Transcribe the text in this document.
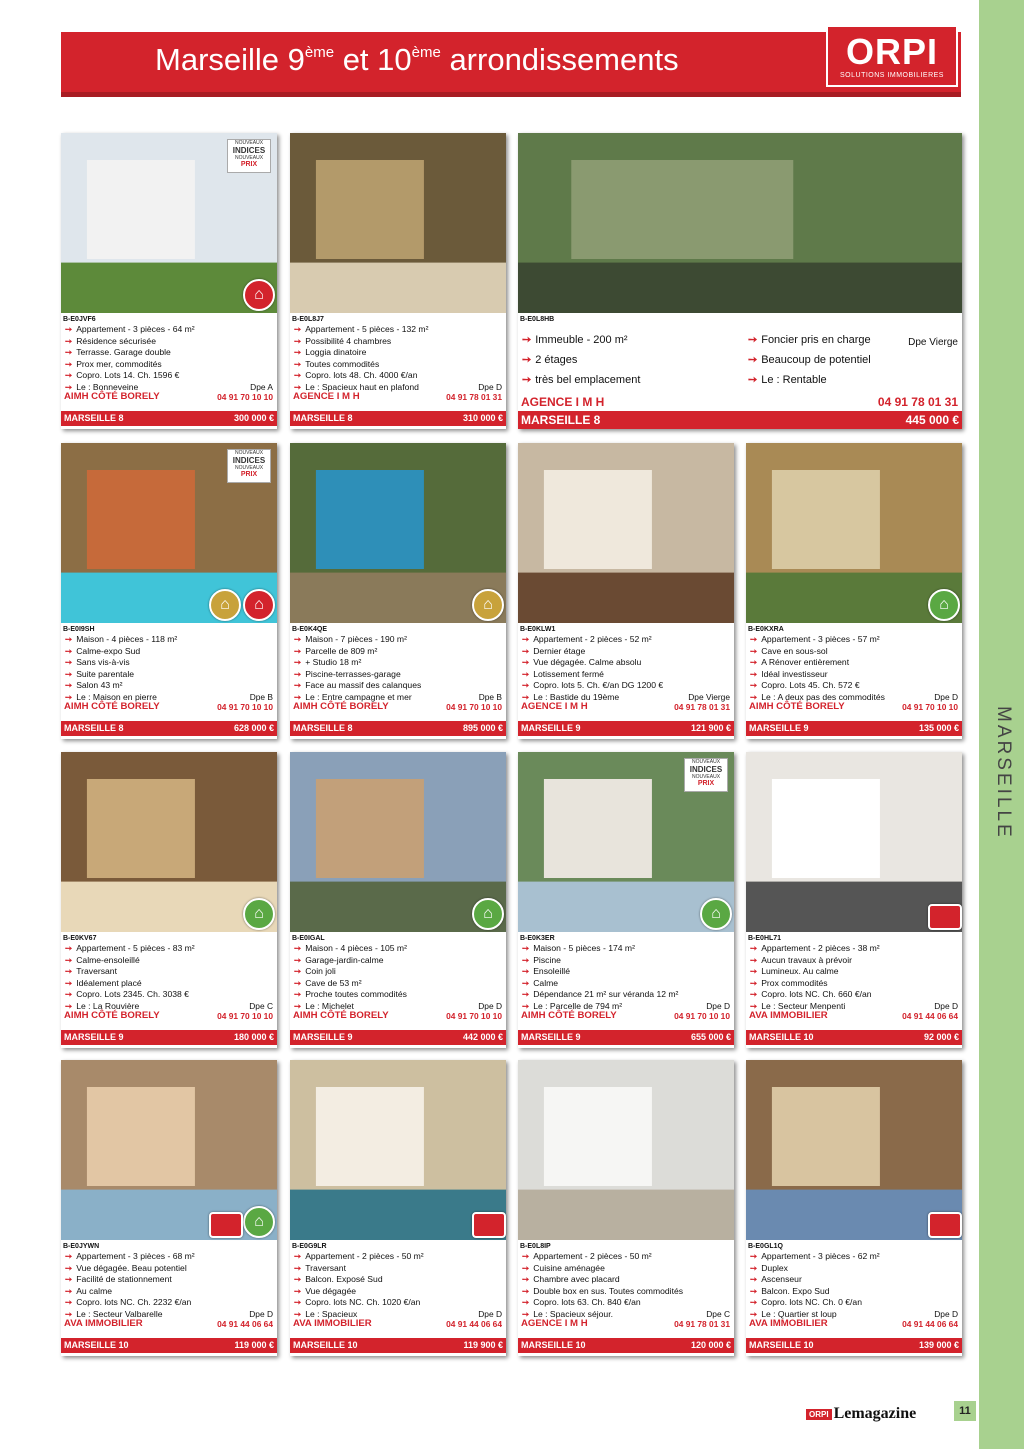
MARSEILLE
Marseille 9ème et 10ème arrondissements	ORPI
SOLUTIONS IMMOBILIERES
NOUVEAUX
INDICES
NOUVEAUX
PRIX
⌂
B-E0JVF6
➙ Appartement - 3 pièces - 64 m²
➙ Résidence sécurisée
➙ Terrasse. Garage double
➙ Prox mer, commodités
➙ Copro. Lots 14. Ch. 1596 €
➙ Le : Bonneveine	Dpe A
AIMH CÔTÉ BORELY	04 91 70 10 10
MARSEILLE 8	300 000 €
B-E0L8J7
➙ Appartement - 5 pièces - 132 m²
➙ Possibilité 4 chambres
➙ Loggia dinatoire
➙ Toutes commodités
➙ Copro. lots 48. Ch. 4000 €/an
➙ Le : Spacieux haut en plafond	Dpe D
AGENCE I M H	04 91 78 01 31
MARSEILLE 8	310 000 €
B-E0L8HB
➙ Immeuble - 200 m²
➙ 2 étages
➙ très bel emplacement
➙ Foncier pris en charge
➙ Beaucoup de potentiel
➙ Le : Rentable
Dpe Vierge
AGENCE I M H	04 91 78 01 31
MARSEILLE 8	445 000 €
NOUVEAUX
INDICES
NOUVEAUX
PRIX
⌂
⌂
B-E0I9SH
➙ Maison - 4 pièces - 118 m²
➙ Calme-expo Sud
➙ Sans vis-à-vis
➙ Suite parentale
➙ Salon 43 m²
➙ Le : Maison en pierre	Dpe B
AIMH CÔTÉ BORELY	04 91 70 10 10
MARSEILLE 8	628 000 €
⌂
B-E0K4QE
➙ Maison - 7 pièces - 190 m²
➙ Parcelle de 809 m²
➙ + Studio 18 m²
➙ Piscine-terrasses-garage
➙ Face au massif des calanques
➙ Le : Entre campagne et mer	Dpe B
AIMH CÔTÉ BORELY	04 91 70 10 10
MARSEILLE 8	895 000 €
B-E0KLW1
➙ Appartement - 2 pièces - 52 m²
➙ Dernier étage
➙ Vue dégagée. Calme absolu
➙ Lotissement fermé
➙ Copro. lots 5. Ch. €/an DG 1200 €
➙ Le : Bastide du 19ème	Dpe Vierge
AGENCE I M H	04 91 78 01 31
MARSEILLE 9	121 900 €
⌂
B-E0KXRA
➙ Appartement - 3 pièces - 57 m²
➙ Cave en sous-sol
➙ A Rénover entièrement
➙ Idéal investisseur
➙ Copro. Lots 45. Ch. 572 €
➙ Le : A deux pas des commodités	Dpe D
AIMH CÔTÉ BORELY	04 91 70 10 10
MARSEILLE 9	135 000 €
⌂
B-E0KV67
➙ Appartement - 5 pièces - 83 m²
➙ Calme-ensoleillé
➙ Traversant
➙ Idéalement placé
➙ Copro. Lots 2345. Ch. 3038 €
➙ Le : La Rouvière	Dpe C
AIMH CÔTÉ BORELY	04 91 70 10 10
MARSEILLE 9	180 000 €
⌂
B-E0IGAL
➙ Maison - 4 pièces - 105 m²
➙ Garage-jardin-calme
➙ Coin joli
➙ Cave de 53 m²
➙ Proche toutes commodités
➙ Le : Michelet	Dpe D
AIMH CÔTÉ BORELY	04 91 70 10 10
MARSEILLE 9	442 000 €
NOUVEAUX
INDICES
NOUVEAUX
PRIX
⌂
B-E0K3ER
➙ Maison - 5 pièces - 174 m²
➙ Piscine
➙ Ensoleillé
➙ Calme
➙ Dépendance 21 m² sur véranda 12 m²
➙ Le : Parcelle de 794 m²	Dpe D
AIMH CÔTÉ BORELY	04 91 70 10 10
MARSEILLE 9	655 000 €
B-E0HL71
➙ Appartement - 2 pièces - 38 m²
➙ Aucun travaux à prévoir
➙ Lumineux. Au calme
➙ Prox commodités
➙ Copro. lots NC. Ch. 660 €/an
➙ Le : Secteur Menpenti	Dpe D
AVA IMMOBILIER	04 91 44 06 64
MARSEILLE 10	92 000 €
⌂
B-E0JYWN
➙ Appartement - 3 pièces - 68 m²
➙ Vue dégagée. Beau potentiel
➙ Facilité de stationnement
➙ Au calme
➙ Copro. lots NC. Ch. 2232 €/an
➙ Le : Secteur Valbarelle	Dpe D
AVA IMMOBILIER	04 91 44 06 64
MARSEILLE 10	119 000 €
B-E0G9LR
➙ Appartement - 2 pièces - 50 m²
➙ Traversant
➙ Balcon. Exposé Sud
➙ Vue dégagée
➙ Copro. lots NC. Ch. 1020 €/an
➙ Le : Spacieux	Dpe D
AVA IMMOBILIER	04 91 44 06 64
MARSEILLE 10	119 900 €
B-E0L8IP
➙ Appartement - 2 pièces - 50 m²
➙ Cuisine aménagée
➙ Chambre avec placard
➙ Double box en sus. Toutes commodités
➙ Copro. lots 63. Ch. 840 €/an
➙ Le : Spacieux séjour.	Dpe C
AGENCE I M H	04 91 78 01 31
MARSEILLE 10	120 000 €
B-E0GL1Q
➙ Appartement - 3 pièces - 62 m²
➙ Duplex
➙ Ascenseur
➙ Balcon. Expo Sud
➙ Copro. lots NC. Ch. 0 €/an
➙ Le : Quartier st loup	Dpe D
AVA IMMOBILIER	04 91 44 06 64
MARSEILLE 10	139 000 €
ORPI Lemagazine	11
